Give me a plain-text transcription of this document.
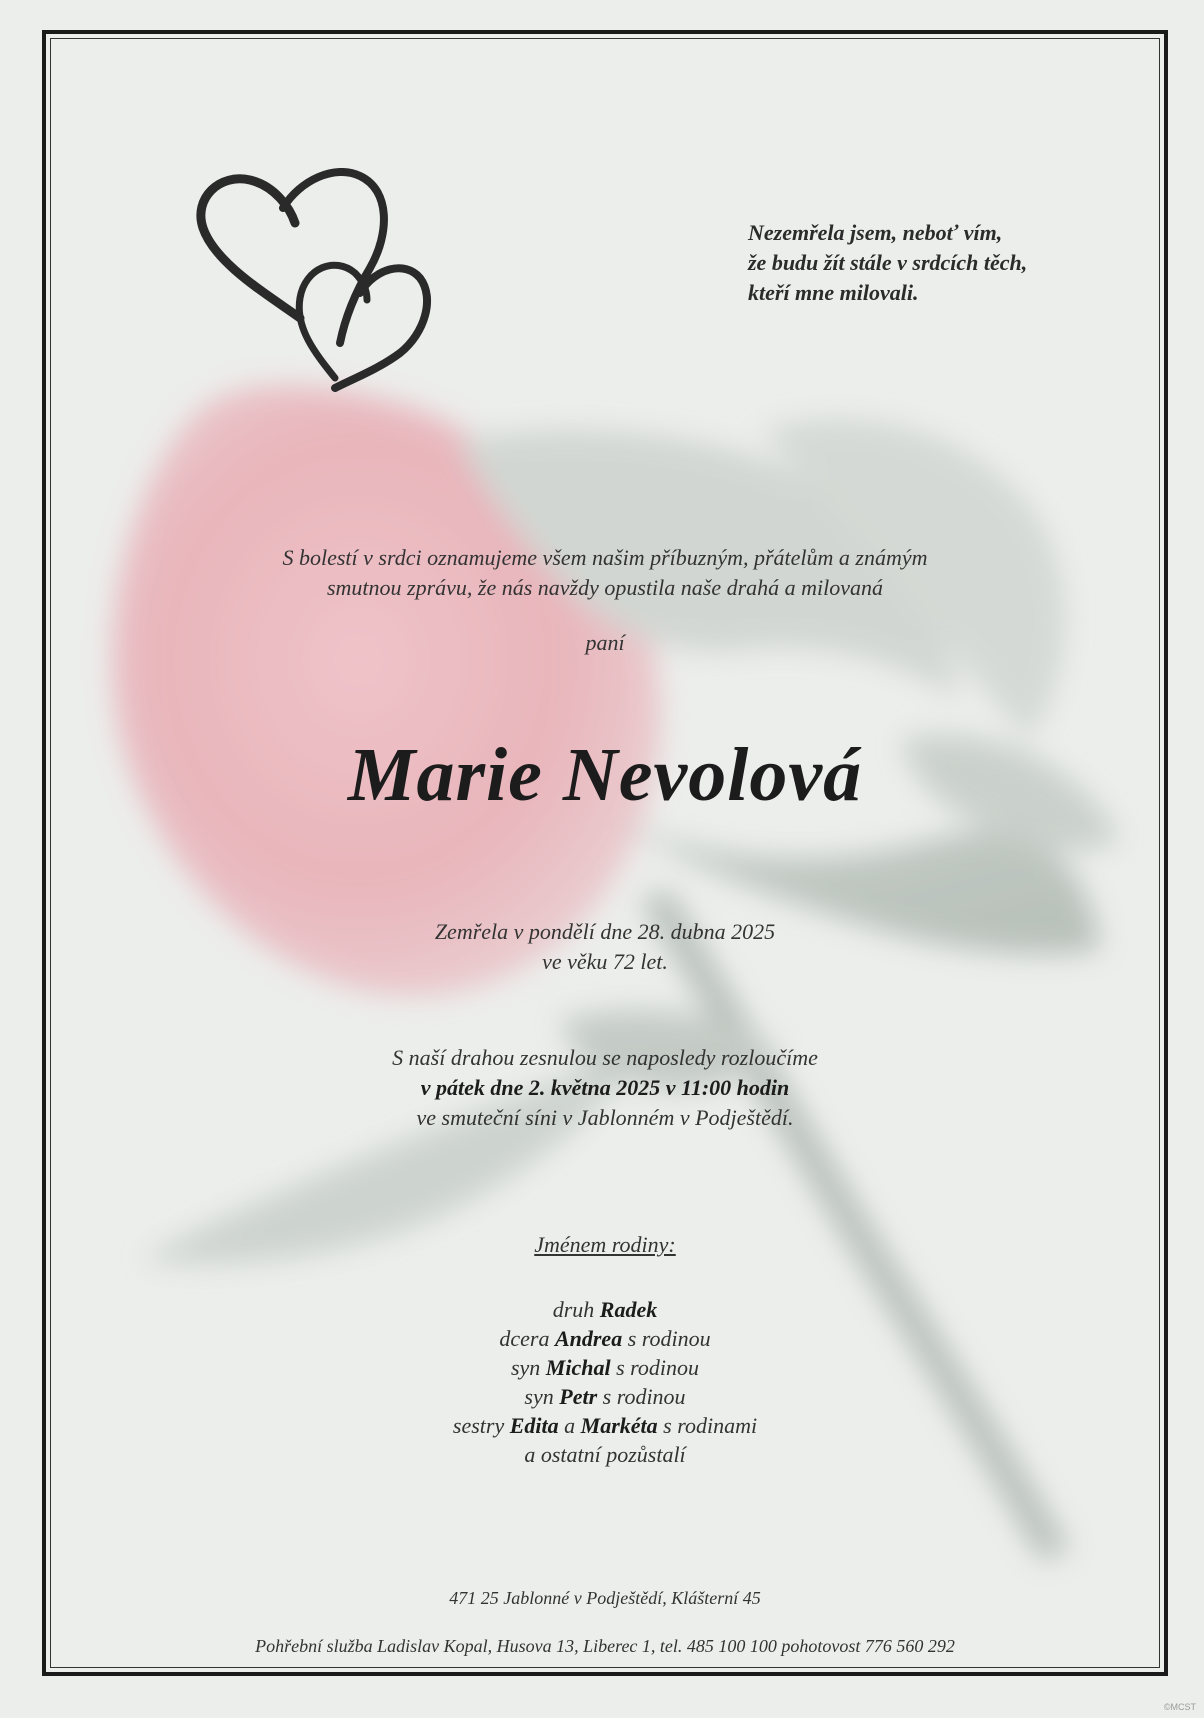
Nezemřela jsem, neboť vím,
že budu žít stále v srdcích těch,
kteří mne milovali.
S bolestí v srdci oznamujeme všem našim příbuzným, přátelům a známým
smutnou zprávu, že nás navždy opustila naše drahá a milovaná
paní
Marie Nevolová
Zemřela v pondělí dne 28. dubna 2025
ve věku 72 let.
S naší drahou zesnulou se naposledy rozloučíme
v pátek dne 2. května 2025 v 11:00 hodin
ve smuteční síni v Jablonném v Podještědí.
Jménem rodiny:
druh Radek
dcera Andrea s rodinou
syn Michal s rodinou
syn Petr s rodinou
sestry Edita a Markéta s rodinami
a ostatní pozůstalí
471 25 Jablonné v Podještědí, Klášterní 45
Pohřební služba Ladislav Kopal, Husova 13, Liberec 1, tel. 485 100 100 pohotovost 776 560 292
©MCST
